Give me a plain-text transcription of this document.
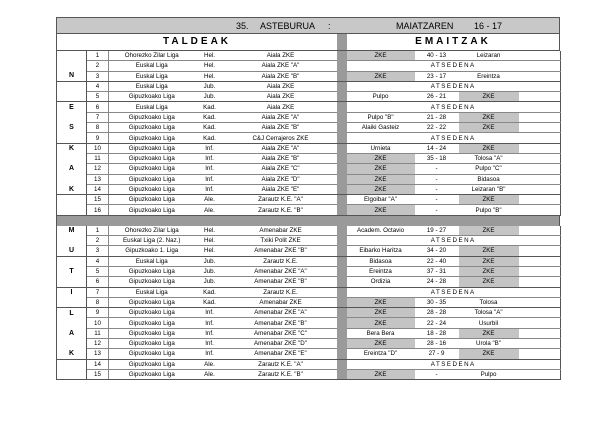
35. ASTEBURUA :	MAIATZAREN 16 - 17
TALDEAK	EMAITZAK
	1	Ohorezko Zilar Liga	Hel.	Aiala ZKE		ZKE	40 - 13	Leizaran	
	2	Euskal Liga	Hel.	Aiala ZKE "A"		ATSEDENA			
N	3	Euskal Liga	Hel.	Aiala ZKE "B"		ZKE	23 - 17	Ereintza	
	4	Euskal Liga	Jub.	Aiala ZKE		ATSEDENA			
	5	Gipuzkoako Liga	Jub.	Aiala ZKE		Pulpo	26 - 21	ZKE	
E	6	Euskal Liga	Kad.	Aiala ZKE		ATSEDENA			
	7	Gipuzkoako Liga	Kad.	Aiala ZKE "A"		Pulpo "B"	21 - 28	ZKE	
S	8	Gipuzkoako Liga	Kad.	Aiala ZKE "B"		Alaiki Gasteiz	22 - 22	ZKE	
	9	Gipuzkoako Liga	Kad.	C&J Cerrajeros ZKE		ATSEDENA			
K	10	Gipuzkoako Liga	Inf.	Aiala ZKE "A"		Urnieta	14 - 24	ZKE	
	11	Gipuzkoako Liga	Inf.	Aiala ZKE "B"		ZKE	35 - 18	Tolosa "A"	
A	12	Gipuzkoako Liga	Inf.	Aiala ZKE "C"		ZKE	-	Pulpo "C"	
	13	Gipuzkoako Liga	Inf.	Aiala ZKE "D"		ZKE	-	Bidasoa	
K	14	Gipuzkoako Liga	Inf.	Aiala ZKE "E"		ZKE	-	Leizaran "B"	
	15	Gipuzkoako Liga	Ale.	Zarautz K.E. "A"		Elgoibar "A"	-	ZKE	
	16	Gipuzkoako Liga	Ale.	Zarautz K.E. "B"		ZKE	-	Pulpo "B"	
M	1	Ohorezko Zilar Liga	Hel.	Amenabar ZKE		Academ. Octavio	19 - 27	ZKE	
	2	Euskal Liga (2. Naz.)	Hel.	Txiki Polit ZKE		ATSEDENA			
U	3	Gipuzkoako 1. Liga	Hel.	Amenabar ZKE "B"		Eibarko Haritza	34 - 20	ZKE	
	4	Euskal Liga	Jub.	Zarautz K.E.		Bidasoa	22 - 40	ZKE	
T	5	Gipuzkoako Liga	Jub.	Amenabar ZKE "A"		Ereintza	37 - 31	ZKE	
	6	Gipuzkoako Liga	Jub.	Amenabar ZKE "B"		Ordizia	24 - 28	ZKE	
I	7	Euskal Liga	Kad.	Zarautz K.E.		ATSEDENA			
	8	Gipuzkoako Liga	Kad.	Amenabar ZKE		ZKE	30 - 35	Tolosa	
L	9	Gipuzkoako Liga	Inf.	Amenabar ZKE "A"		ZKE	28 - 28	Tolosa "A"	
	10	Gipuzkoako Liga	Inf.	Amenabar ZKE "B"		ZKE	22 - 24	Usurbil	
A	11	Gipuzkoako Liga	Inf.	Amenabar ZKE "C"		Bera Bera	18 - 28	ZKE	
	12	Gipuzkoako Liga	Inf.	Amenabar ZKE "D"		ZKE	28 - 16	Urola "B"	
K	13	Gipuzkoako Liga	Inf.	Amenabar ZKE "E"		Ereintza "D"	27 - 9	ZKE	
	14	Gipuzkoako Liga	Ale.	Zarautz K.E. "A"		ATSEDENA			
	15	Gipuzkoako Liga	Ale.	Zarautz K.E. "B"		ZKE	-	Pulpo	
